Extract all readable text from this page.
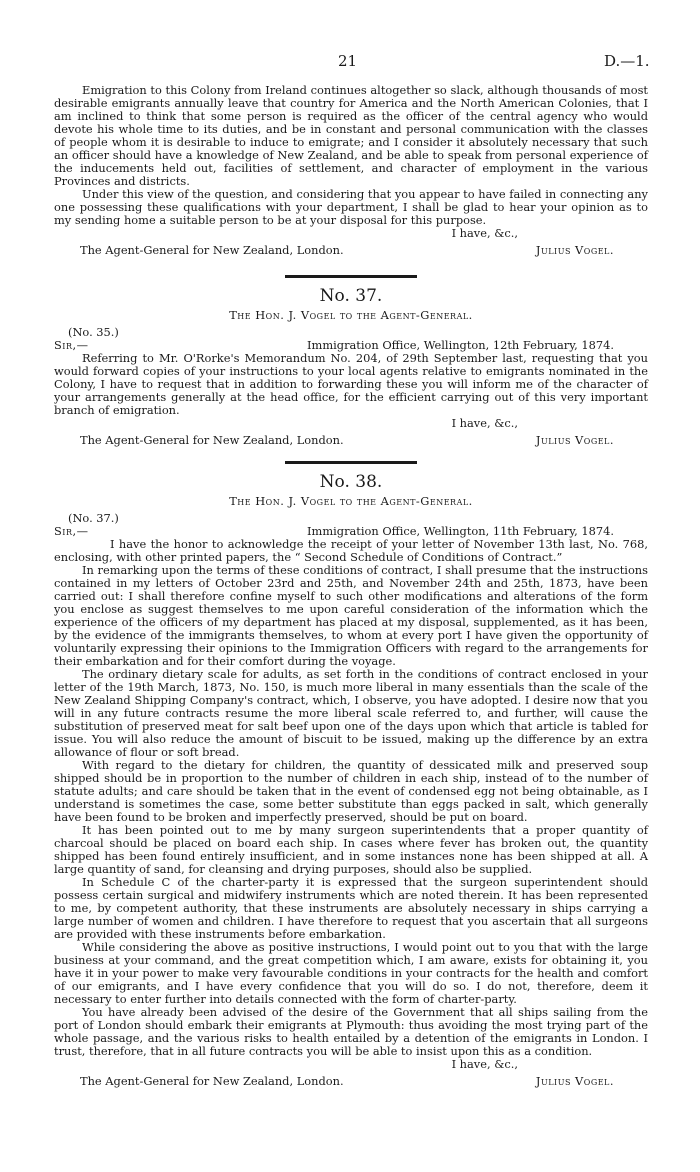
21	D.—1.

Emigration to this Colony from Ireland continues altogether so slack, although thousands of most desirable emigrants annually leave that country for America and the North American Colonies, that I am inclined to think that some person is required as the officer of the central agency who would devote his whole time to its duties, and be in constant and personal communication with the classes of people whom it is desirable to induce to emigrate; and I consider it absolutely necessary that such an officer should have a knowledge of New Zealand, and be able to speak from personal experience of the inducements held out, facilities of settlement, and character of employment in the various Provinces and districts.

Under this view of the question, and considering that you appear to have failed in connecting any one possessing these qualifications with your department, I shall be glad to hear your opinion as to my sending home a suitable person to be at your disposal for this purpose.

I have, &c.,

The Agent-General for New Zealand, London.	Julius Vogel.
No. 37.
The Hon. J. Vogel to the Agent-General.
(No. 35.)
Sir,—	Immigration Office, Wellington, 12th February, 1874.

Referring to Mr. O'Rorke's Memorandum No. 204, of 29th September last, requesting that you would forward copies of your instructions to your local agents relative to emigrants nominated in the Colony, I have to request that in addition to forwarding these you will inform me of the character of your arrangements generally at the head office, for the efficient carrying out of this very important branch of emigration.

I have, &c.,

The Agent-General for New Zealand, London.	Julius Vogel.
No. 38.
The Hon. J. Vogel to the Agent-General.
(No. 37.)
Sir,—	Immigration Office, Wellington, 11th February, 1874.

I have the honor to acknowledge the receipt of your letter of November 13th last, No. 768, enclosing, with other printed papers, the “ Second Schedule of Conditions of Contract.”

In remarking upon the terms of these conditions of contract, I shall presume that the instructions contained in my letters of October 23rd and 25th, and November 24th and 25th, 1873, have been carried out: I shall therefore confine myself to such other modifications and alterations of the form you enclose as suggest themselves to me upon careful consideration of the information which the experience of the officers of my department has placed at my disposal, supplemented, as it has been, by the evidence of the immigrants themselves, to whom at every port I have given the opportunity of voluntarily expressing their opinions to the Immigration Officers with regard to the arrangements for their embarkation and for their comfort during the voyage.

The ordinary dietary scale for adults, as set forth in the conditions of contract enclosed in your letter of the 19th March, 1873, No. 150, is much more liberal in many essentials than the scale of the New Zealand Shipping Company's contract, which, I observe, you have adopted. I desire now that you will in any future contracts resume the more liberal scale referred to, and further, will cause the substitution of preserved meat for salt beef upon one of the days upon which that article is tabled for issue. You will also reduce the amount of biscuit to be issued, making up the difference by an extra allowance of flour or soft bread.

With regard to the dietary for children, the quantity of dessicated milk and preserved soup shipped should be in proportion to the number of children in each ship, instead of to the number of statute adults; and care should be taken that in the event of condensed egg not being obtainable, as I understand is sometimes the case, some better substitute than eggs packed in salt, which generally have been found to be broken and imperfectly preserved, should be put on board.

It has been pointed out to me by many surgeon superintendents that a proper quantity of charcoal should be placed on board each ship. In cases where fever has broken out, the quantity shipped has been found entirely insufficient, and in some instances none has been shipped at all. A large quantity of sand, for cleansing and drying purposes, should also be supplied.

In Schedule C of the charter-party it is expressed that the surgeon superintendent should possess certain surgical and midwifery instruments which are noted therein. It has been represented to me, by competent authority, that these instruments are absolutely necessary in ships carrying a large number of women and children. I have therefore to request that you ascertain that all surgeons are provided with these instruments before embarkation.

While considering the above as positive instructions, I would point out to you that with the large business at your command, and the great competition which, I am aware, exists for obtaining it, you have it in your power to make very favourable conditions in your contracts for the health and comfort of our emigrants, and I have every confidence that you will do so. I do not, therefore, deem it necessary to enter further into details connected with the form of charter-party.

You have already been advised of the desire of the Government that all ships sailing from the port of London should embark their emigrants at Plymouth: thus avoiding the most trying part of the whole passage, and the various risks to health entailed by a detention of the emigrants in London. I trust, therefore, that in all future contracts you will be able to insist upon this as a condition.

I have, &c.,

The Agent-General for New Zealand, London.	Julius Vogel.
